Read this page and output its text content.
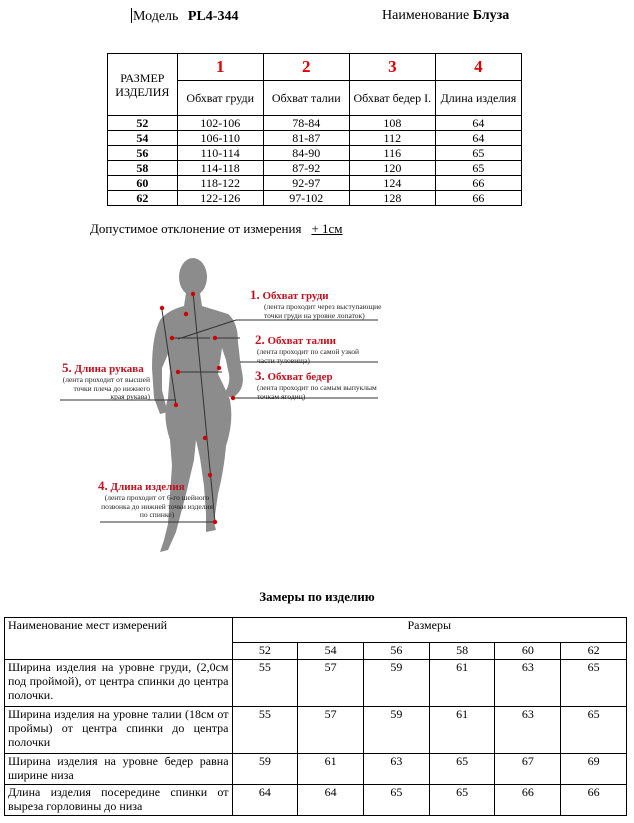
Модель PL4-344	Наименование Блуза
РАЗМЕР ИЗДЕЛИЯ	1	2	3	4
	Обхват груди	Обхват талии	Обхват бедер I.	Длина изделия
52	102-106	78-84	108	64
54	106-110	81-87	112	64
56	110-114	84-90	116	65
58	114-118	87-92	120	65
60	118-122	92-97	124	66
62	122-126	97-102	128	66
Допустимое отклонение от измерения + 1см
1. Обхват груди
(лента проходит через выступающие точки груди на уровне лопаток)
2. Обхват талии
(лента проходит по самой узкой части туловища)
3. Обхват бедер
(лента проходит по самым выпуклым точкам ягодиц)
4. Длина изделия
(лента проходит от 6-го шейного позвонка до нижней точки изделия по спинке)
5. Длина рукава
(лента проходит от высшей точки плеча до нижнего края рукава)
Замеры по изделию
Наименование мест измерений	Размеры					
	52	54	56	58	60	62
Ширина изделия на уровне груди, (2,0см под проймой), от центра спинки до центра полочки.	55	57	59	61	63	65
Ширина изделия на уровне талии (18см от проймы) от центра спинки до центра полочки	55	57	59	61	63	65
Ширина изделия на уровне бедер равна ширине низа	59	61	63	65	67	69
Длина изделия посередине спинки от выреза горловины до низа	64	64	65	65	66	66
